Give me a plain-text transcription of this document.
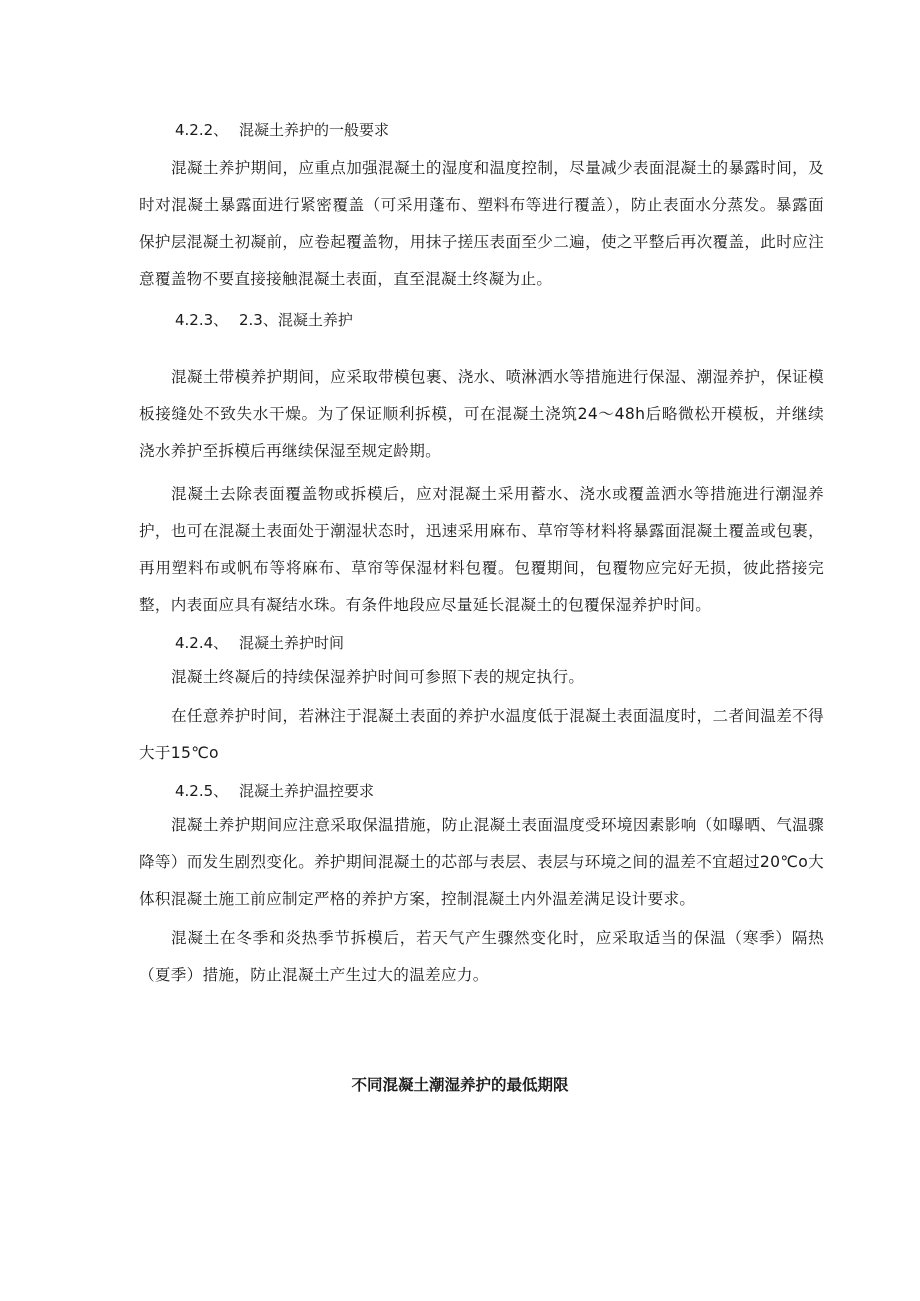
4.2.2、 混凝土养护的一般要求

混凝土养护期间，应重点加强混凝土的湿度和温度控制，尽量减少表面混凝土的暴露时间，及时对混凝土暴露面进行紧密覆盖（可采用蓬布、塑料布等进行覆盖），防止表面水分蒸发。暴露面保护层混凝土初凝前，应卷起覆盖物，用抹子搓压表面至少二遍，使之平整后再次覆盖，此时应注意覆盖物不要直接接触混凝土表面，直至混凝土终凝为止。

4.2.3、 2.3、混凝土养护

混凝土带模养护期间，应采取带模包裹、浇水、喷淋洒水等措施进行保湿、潮湿养护，保证模板接缝处不致失水干燥。为了保证顺利拆模，可在混凝土浇筑24～48h后略微松开模板，并继续浇水养护至拆模后再继续保湿至规定龄期。

混凝土去除表面覆盖物或拆模后，应对混凝土采用蓄水、浇水或覆盖洒水等措施进行潮湿养护，也可在混凝土表面处于潮湿状态时，迅速采用麻布、草帘等材料将暴露面混凝土覆盖或包裹，再用塑料布或帆布等将麻布、草帘等保湿材料包覆。包覆期间，包覆物应完好无损，彼此搭接完整，内表面应具有凝结水珠。有条件地段应尽量延长混凝土的包覆保湿养护时间。

4.2.4、 混凝土养护时间

混凝土终凝后的持续保湿养护时间可参照下表的规定执行。

在任意养护时间，若淋注于混凝土表面的养护水温度低于混凝土表面温度时，二者间温差不得大于15℃o

4.2.5、 混凝土养护温控要求

混凝土养护期间应注意采取保温措施，防止混凝土表面温度受环境因素影响（如曝晒、气温骤降等）而发生剧烈变化。养护期间混凝土的芯部与表层、表层与环境之间的温差不宜超过20℃o大体积混凝土施工前应制定严格的养护方案，控制混凝土内外温差满足设计要求。

混凝土在冬季和炎热季节拆模后，若天气产生骤然变化时，应采取适当的保温（寒季）隔热（夏季）措施，防止混凝土产生过大的温差应力。

不同混凝土潮湿养护的最低期限
